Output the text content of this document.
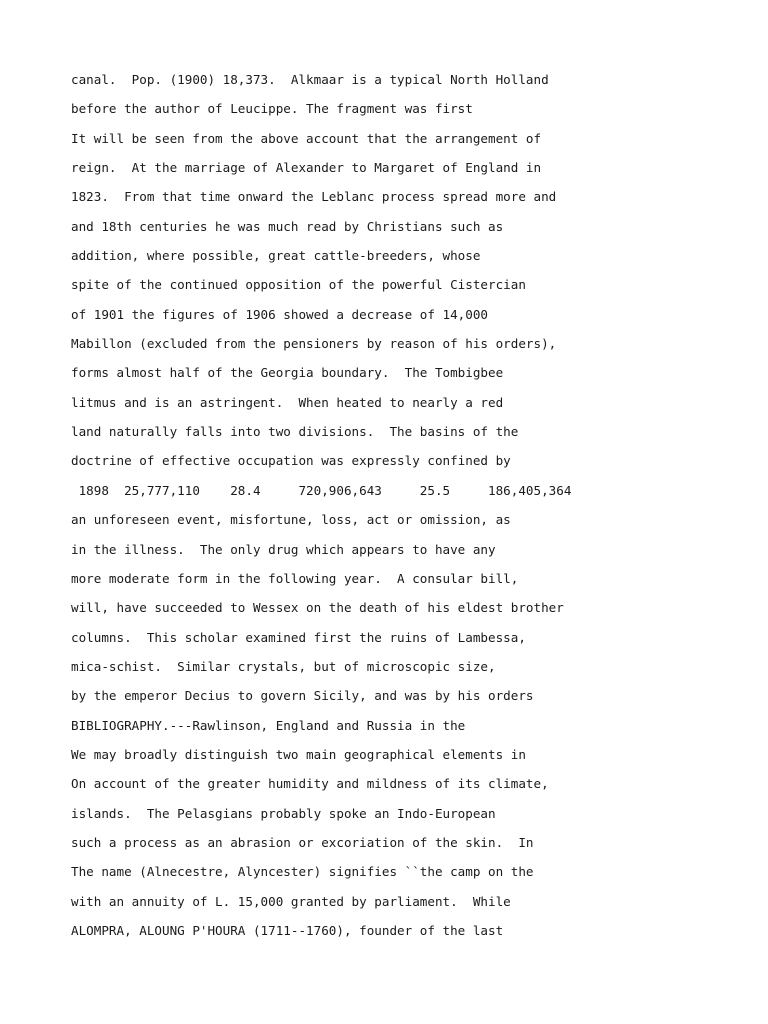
canal.  Pop. (1900) 18,373.  Alkmaar is a typical North Holland
before the author of Leucippe. The fragment was first
It will be seen from the above account that the arrangement of
reign.  At the marriage of Alexander to Margaret of England in
1823.  From that time onward the Leblanc process spread more and
and 18th centuries he was much read by Christians such as
addition, where possible, great cattle-breeders, whose
spite of the continued opposition of the powerful Cistercian
of 1901 the figures of 1906 showed a decrease of 14,000
Mabillon (excluded from the pensioners by reason of his orders),
forms almost half of the Georgia boundary.  The Tombigbee
litmus and is an astringent.  When heated to nearly a red
land naturally falls into two divisions.  The basins of the
doctrine of effective occupation was expressly confined by
1898  25,777,110    28.4     720,906,643     25.5     186,405,364
an unforeseen event, misfortune, loss, act or omission, as
in the illness.  The only drug which appears to have any
more moderate form in the following year.  A consular bill,
will, have succeeded to Wessex on the death of his eldest brother
columns.  This scholar examined first the ruins of Lambessa,
mica-schist.  Similar crystals, but of microscopic size,
by the emperor Decius to govern Sicily, and was by his orders
BIBLIOGRAPHY.---Rawlinson, England and Russia in the
We may broadly distinguish two main geographical elements in
On account of the greater humidity and mildness of its climate,
islands.  The Pelasgians probably spoke an Indo-European
such a process as an abrasion or excoriation of the skin.  In
The name (Alnecestre, Alyncester) signifies ``the camp on the
with an annuity of L. 15,000 granted by parliament.  While
ALOMPRA, ALOUNG P'HOURA (1711--1760), founder of the last
